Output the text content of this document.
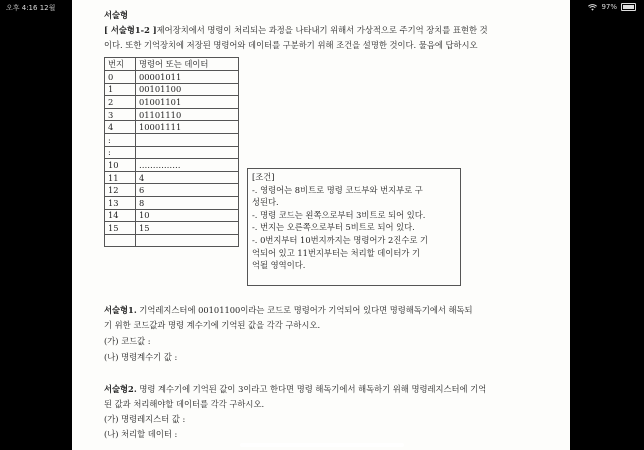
오후 4:16 12월	97%
서술형
[ 서술형1-2 ]제어장치에서 명령이 처리되는 과정을 나타내기 위해서 가상적으로 주기억 장치를 표현한 것
이다. 또한 기억장치에 저장된 명령어와 데이터를 구분하기 위해 조건을 설명한 것이다. 물음에 답하시오
번지	명령어 또는 데이터
0	00001011
1	00101100
2	01001101
3	01101110
4	10001111
:	
:	
10	……………
11	4
12	6
13	8
14	10
15	15

[조건]
-. 영령어는 8비트로 명령 코드부와 번지부로 구
성된다.
-. 명령 코드는 왼쪽으로부터 3비트로 되어 있다.
-. 번지는 오른쪽으로부터 5비트로 되어 있다.
-. 0번지부터 10번지까지는 명령어가 2진수로 기
억되어 있고 11번지부터는 처리할 데이터가 기
억될 영역이다.
서술형1. 기억레지스터에 00101100이라는 코드로 명령어가 기억되어 있다면 명령해독기에서 해독되
기 위한 코드값과 명령 계수기에 기억된 값을 각각 구하시오.
(가) 코드값 :
(나) 명령계수기 값 :
서술형2. 명령 계수기에 기억된 값이 3이라고 한다면 명령 해독기에서 해독하기 위해 명령레지스터에 기억
된 값과 처리해야할 데이터를 각각 구하시오.
(가) 명령레지스터 값 :
(나) 처리할 데이터 :
